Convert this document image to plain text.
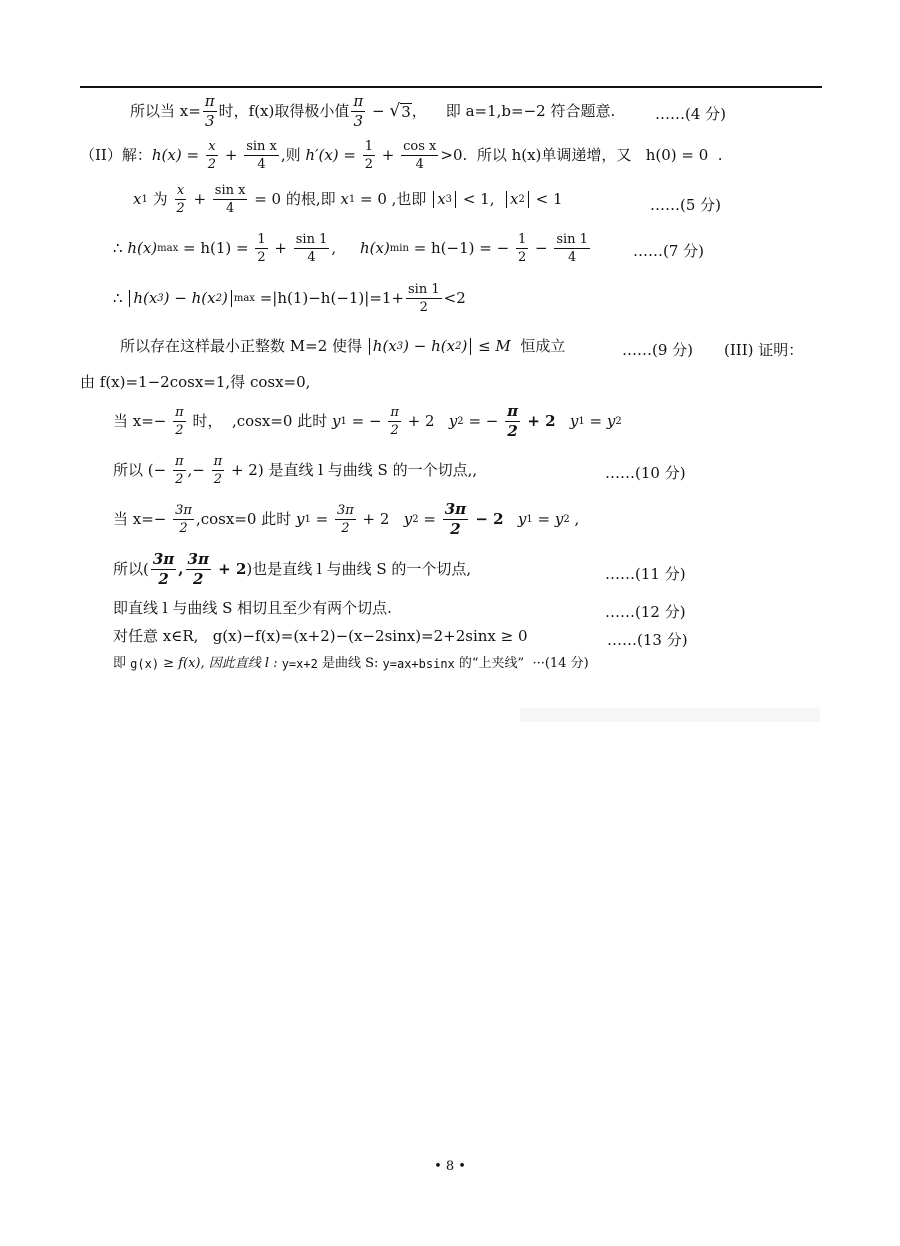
所以当 $x= \frac{\pi}{3}$ 时，f(x)取得极小值 $\frac{\pi}{3}$ − √ 3 ，    即 a=1,b=−2 符合题意.	……(4 分)
（II）解： $h(x) = \frac{x}{2} + \frac{\text{sin x}}{4}$ ,则 $h'(x) = \frac{1}{2} + \frac{\text{cos x}}{4} >0$. 所以 h(x)单调递增，又   h(0) = 0  .
x 1 为 $\frac{x}{2} + \frac{\text{sin x}}{4} = 0$ 的根,即 x 1 = 0 ,也即 x 3 < 1, x 2 < 1	……(5 分)
∴ h(x) $\max = h(1) = \frac{1}{2} + \frac{\sin 1}{4}$ , h(x) min = h(−1) = − $\frac{1}{2} - \frac{\sin 1}{4}$	……(7 分)
∴ h(x 3 ) − h(x 2 ) $\max =|h(1)-h(-1)|=1+ \frac{\sin 1}{2} <2$
所以存在这样最小正整数 M=2 使得 h(x 3 ) − h(x 2 ) ≤ M 恒成立	……(9 分) (III) 证明：
由 f(x)=1−2cosx=1,得 cosx=0,
当 $x=- \frac{\pi}{2}$ 时，  ,cosx=0 此时 y 1 = − $\frac{\pi}{2} + 2$ y 2 = − $\frac{\pi}{2} + 2$ y 1 = y 2
所以 (− $\frac{\pi}{2}$ ,− $\frac{\pi}{2} + 2$) 是直线 l 与曲线 S 的一个切点,,	……(10 分)
当 $x=- \frac{3\pi}{2} ,\cos x=0$ 此时 y $1 = \frac{3\pi}{2} + 2$ y $2 = \frac{3\pi}{2} - 2$ y 1 = y 2 ,
所以( $\frac{3\pi}{2}$ , $\frac{3\pi}{2} + 2$ )也是直线 l 与曲线 S 的一个切点,	……(11 分)
即直线 l 与曲线 S 相切且至少有两个切点.	……(12 分)
对任意 x∈R,   g(x)−f(x)=(x+2)−(x−2sinx)=2+2sinx ≥ 0	……(13 分)
即 g(x) ≥ f(x), 因此直线 l : y=x+2 是曲线 S: y=ax+bsinx 的“上夹线”  ···(14 分)
• 8 •
